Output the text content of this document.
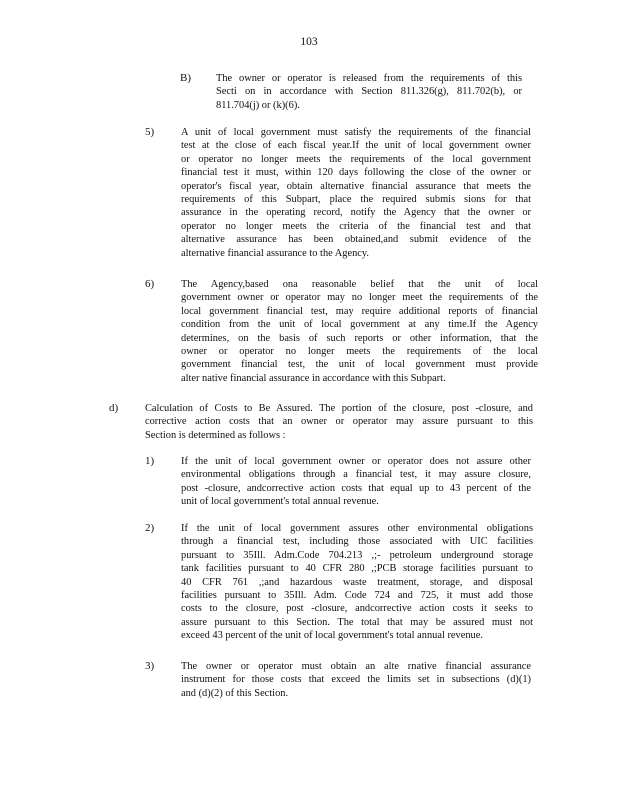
103
B) The owner or operator is released from the requirements of this
Secti on in accordance with Section 811.326(g), 811.702(b), or
811.704(j) or (k)(6).
5)	A unit of local government must satisfy the requirements of the financial
test at the close of each fiscal year.If the unit of local government owner
or operator no longer meets the requirements of the local government
financial test it must, within 120 days following the close of the owner or
operator's fiscal year, obtain alternative financial assurance that meets the
requirements of this Subpart, place the required submis sions for that
assurance in the operating record, notify the Agency that the owner or
operator no longer meets the criteria of the financial test and that
alternative assurance has been obtained,and submit evidence of the
alternative financial assurance to the Agency.
6)	The Agency,based ona reasonable belief that the unit of local
government owner or operator may no longer meet the requirements of the
local government financial test, may require additional reports of financial
condition from the unit of local government at any time.If the Agency
determines, on the basis of such reports or other information, that the
owner or operator no longer meets the requirements of the local
government financial test, the unit of local government must provide
alter native financial assurance in accordance with this Subpart.
d)	Calculation of Costs to Be Assured. The portion of the closure, post -closure, and
corrective action costs that an owner or operator may assure pursuant to this
Section is determined as follows :
1)	If the unit of local government owner or operator does not assure other
environmental obligations through a financial test, it may assure closure,
post -closure, andcorrective action costs that equal up to 43 percent of the
unit of local government's total annual revenue.
2)	If the unit of local government assures other environmental obligations
through a financial test, including those associated with UIC facilities
pursuant to 35Ill. Adm.Code 704.213 ,;- petroleum underground storage
tank facilities pursuant to 40 CFR 280 ,;PCB storage facilities pursuant to
40 CFR 761 ,;and hazardous waste treatment, storage, and disposal
facilities pursuant to 35Ill. Adm. Code 724 and 725, it must add those
costs to the closure, post -closure, andcorrective action costs it seeks to
assure pursuant to this Section. The total that may be assured must not
exceed 43 percent of the unit of local government's total annual revenue.
3)	The owner or operator must obtain an alte rnative financial assurance
instrument for those costs that exceed the limits set in subsections (d)(1)
and (d)(2) of this Section.
